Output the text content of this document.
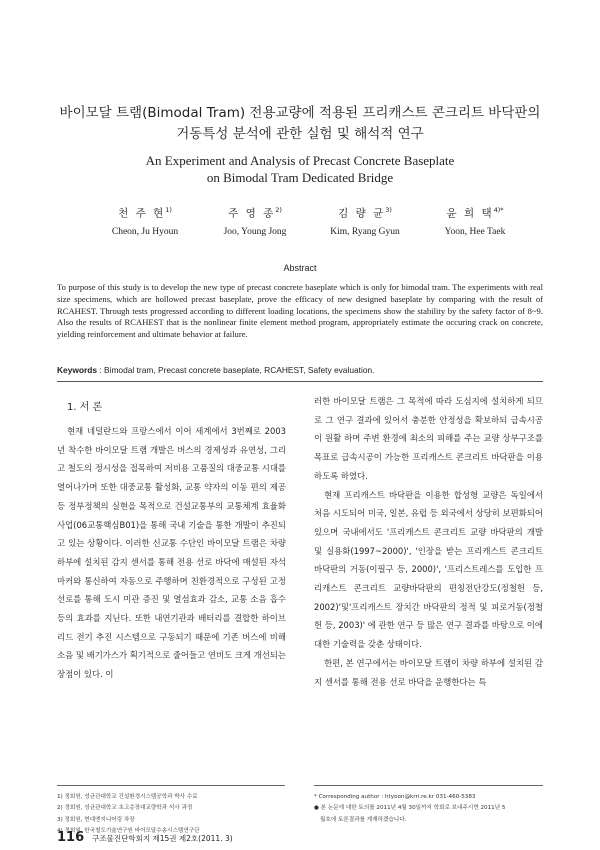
바이모달 트램(Bimodal Tram) 전용교량에 적용된 프리캐스트 콘크리트 바닥판의
거동특성 분석에 관한 실험 및 해석적 연구
An Experiment and Analysis of Precast Concrete Baseplate
on Bimodal Tram Dedicated Bridge
천 주 현$^{1)}$
Cheon, Ju Hyoun
주 영 종$^{2)}$
Joo, Young Jong
김 량 균$^{3)}$
Kim, Ryang Gyun
윤 희 택$^{4)*}$
Yoon, Hee Taek
Abstract
To purpose of this study is to develop the new type of precast concrete baseplate which is only for bimodal tram. The experiments with real size specimens, which are hollowed precast baseplate, prove the efficacy of new designed baseplate by comparing with the result of RCAHEST. Through tests progressed according to different loading locations, the specimens show the stability by the safety factor of 8~9. Also the results of RCAHEST that is the nonlinear finite element method program, appropriately estimate the occuring crack on concrete, yielding reinforcement and ultimate behavior at failure.
Keywords : Bimodal tram, Precast concrete baseplate, RCAHEST, Safety evaluation.
1. 서 론

현재 네덜란드와 프랑스에서 이어 세계에서 3번째로 2003년 착수한 바이모달 트램 개발은 버스의 경제성과 유연성, 그리고 철도의 정시성을 접목하여 저비용 고품질의 대중교통 시대를 열어나가며 또한 대중교통 활성화, 교통 약자의 이동 편의 제공 등 정부정책의 실현을 목적으로 건설교통부의 교통체계 효율화 사업(06교통핵심B01)을 통해 국내 기술을 통한 개발이 추진되고 있는 상황이다. 이러한 신교통 수단인 바이모달 트램은 차량 하부에 설치된 감지 센서를 통해 전용 선로 바닥에 매설된 자석 마커와 통신하여 자동으로 주행하며 친환경적으로 구성된 고정선로를 통해 도시 미관 증진 및 열섬효과 감소, 교통 소음 흡수 등의 효과를 지닌다. 또한 내연기관과 배터리를 결합한 하이브리드 전기 추진 시스템으로 구동되기 때문에 기존 버스에 비해 소음 및 배기가스가 획기적으로 줄어들고 연비도 크게 개선되는 장점이 있다. 이

러한 바이모달 트램은 그 목적에 따라 도심지에 설치하게 되므로 그 연구 결과에 있어서 충분한 안정성을 확보하되 급속시공이 원활 하며 주변 환경에 최소의 피해를 주는 교량 상부구조를 목표로 급속시공이 가능한 프리캐스트 콘크리트 바닥판을 이용하도록 하였다.

현재 프리캐스트 바닥판을 이용한 합성형 교량은 독일에서 처음 시도되어 미국, 일본, 유럽 등 외국에서 상당히 보편화되어 있으며 국내에서도 '프리캐스트 콘크리트 교량 바닥판의 개발 및 실용화(1997~2000)', '인장을 받는 프리캐스트 콘크리트 바닥판의 거동(이필구 등, 2000)', '프리스트레스를 도입한 프리캐스트 콘크리트 교량바닥판의 편칭전단강도(정철헌 등, 2002)'및'프리캐스트 장치간 바닥판의 정적 및 피로거동(정철헌 등, 2003)' 에 관한 연구 등 많은 연구 결과를 바탕으로 이에 대한 기술력을 갖춘 상태이다.

한편, 본 연구에서는 바이모달 트램이 차량 하부에 설치된 감지 센서를 통해 전용 선로 바닥을 운행한다는 특

1) 정회원, 성균관대학교 건설환경시스템공학과 박사 수료
2) 정회원, 성균관대학교 초고층장대교량학과 석사 과정
3) 정회원, 현대엔지니어링 차장
4) 정회원, 한국철도기술연구원 바이모달수송시스템연구단
* Corresponding author : htyoon@krri.re.kr 031-460-5383
● 본 논문에 대한 토의를 2011년 4월 30일까지 학회로 보내주시면 2011년 5
월호에 토론결과를 게재하겠습니다.
116 구조물진단학회지 제15권 제2호(2011. 3)
